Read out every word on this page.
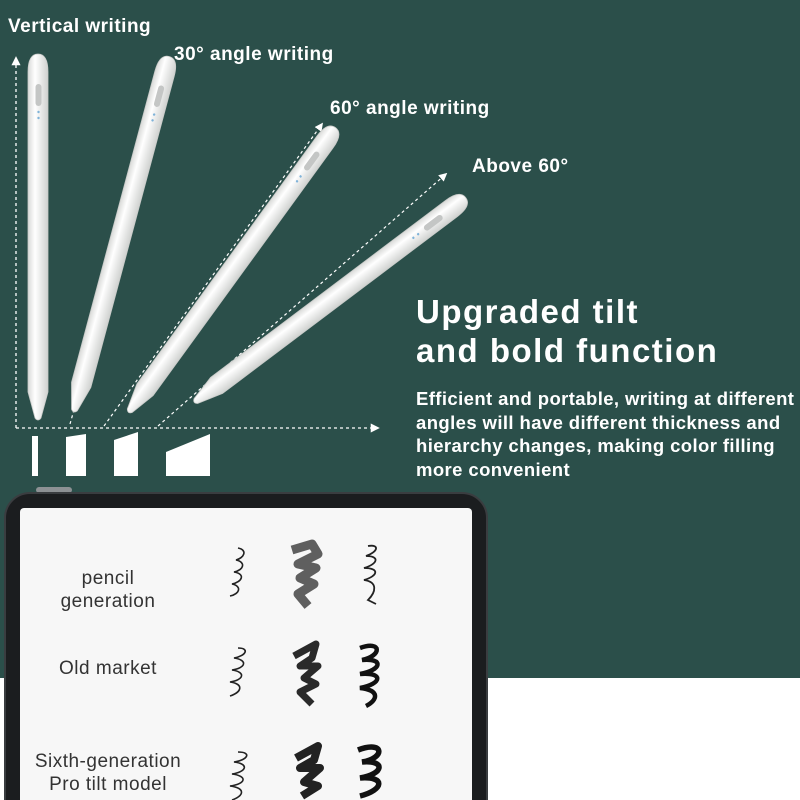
Vertical writing
30° angle writing
60° angle writing
Above 60°
Upgraded tilt
and bold function
Efficient and portable, writing at different angles will have different thickness and hierarchy changes, making color filling more convenient
pencil
generation
Old market
Sixth-generation
Pro tilt model
